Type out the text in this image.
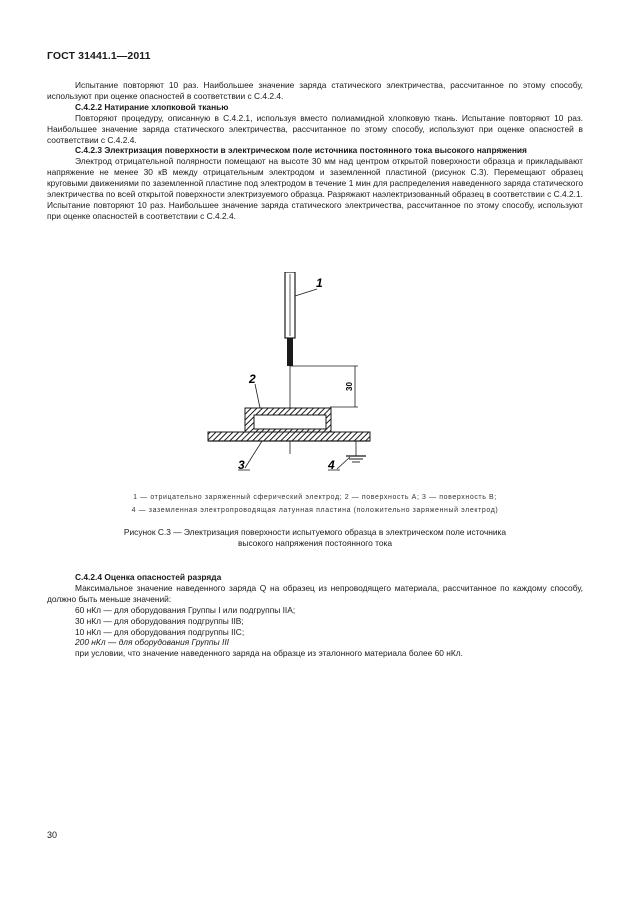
ГОСТ 31441.1—2011

Испытание повторяют 10 раз. Наибольшее значение заряда статического электричества, рассчитанное по этому способу, используют при оценке опасностей в соответствии с С.4.2.4.

С.4.2.2 Натирание хлопковой тканью

Повторяют процедуру, описанную в С.4.2.1, используя вместо полиамидной хлопковую ткань. Испытание повторяют 10 раз. Наибольшее значение заряда статического электричества, рассчитанное по этому способу, используют при оценке опасностей в соответствии с С.4.2.4.

С.4.2.3 Электризация поверхности в электрическом поле источника постоянного тока высокого напряжения

Электрод отрицательной полярности помещают на высоте 30 мм над центром открытой поверхности образца и прикладывают напряжение не менее 30 кВ между отрицательным электродом и заземленной пластиной (рисунок С.3). Перемещают образец круговыми движениями по заземленной пластине под электродом в течение 1 мин для распределения наведенного заряда статического электричества по всей открытой поверхности электризуемого образца. Разряжают наэлектризованный образец в соответствии с С.4.2.1. Испытание повторяют 10 раз. Наибольшее значение заряда статического электричества, рассчитанное по этому способу, используют при оценке опасностей в соответствии с С.4.2.4.

1
30
2
3	4
1 — отрицательно заряженный сферический электрод; 2 — поверхность A; 3 — поверхность B;
4 — заземленная электропроводящая латунная пластина (положительно заряженный электрод)
Рисунок С.3 — Электризация поверхности испытуемого образца в электрическом поле источника
высокого напряжения постоянного тока

С.4.2.4 Оценка опасностей разряда

Максимальное значение наведенного заряда Q на образец из непроводящего материала, рассчитанное по каждому способу, должно быть меньше значений:

60 нКл — для оборудования Группы I или подгруппы IIA;

30 нКл — для оборудования подгруппы IIB;

10 нКл — для оборудования подгруппы IIC;

200 нКл — для оборудования Группы III

при условии, что значение наведенного заряда на образце из эталонного материала более 60 нКл.

30
